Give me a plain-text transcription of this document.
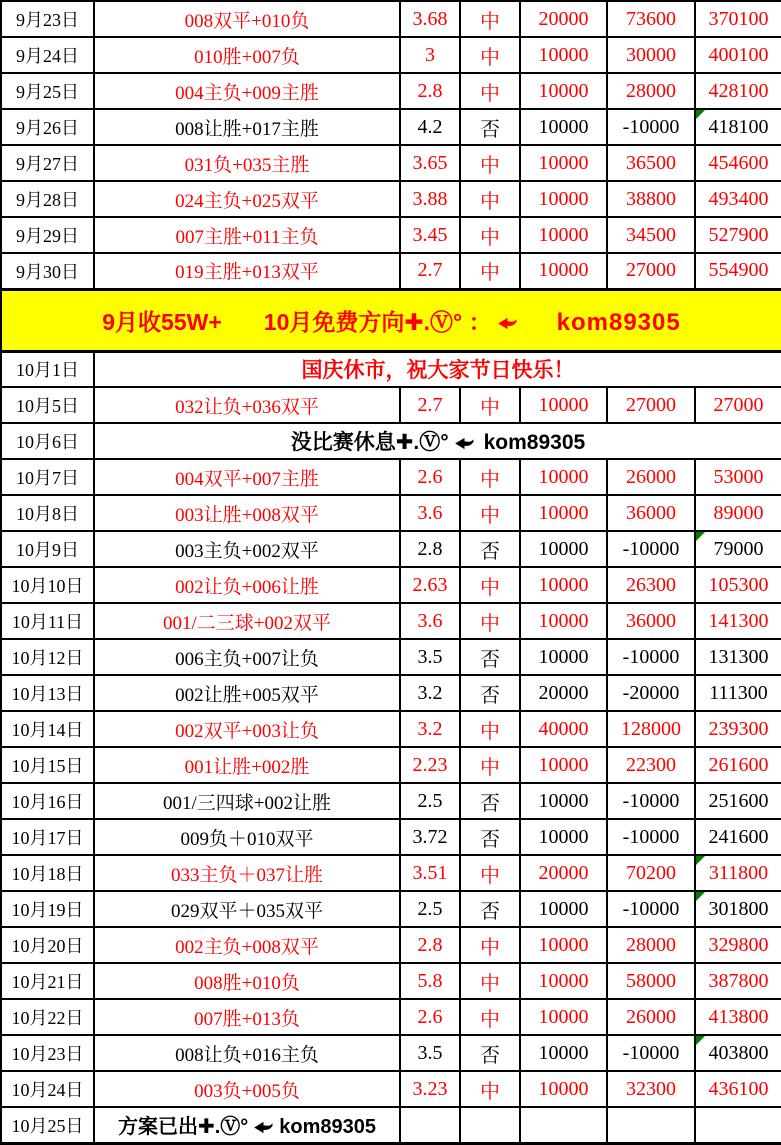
9月23日	008双平+010负	3.68	中	20000	73600	370100
9月24日	010胜+007负	3	中	10000	30000	400100
9月25日	004主负+009主胜	2.8	中	10000	28000	428100
9月26日	008让胜+017主胜	4.2	否	10000	-10000	418100

9月27日	031负+035主胜	3.65	中	10000	36500	454600
9月28日	024主负+025双平	3.88	中	10000	38800	493400
9月29日	007主胜+011主负	3.45	中	10000	34500	527900
9月30日	019主胜+013双平	2.7	中	10000	27000	554900
9月收55W+ 10月免费方向✚.Ⓥ° ： kom89305						
10月1日	国庆休市，祝大家节日快乐！					
10月5日	032让负+036双平	2.7	中	10000	27000	27000
10月6日	没比赛休息✚.Ⓥ° kom89305					
10月7日	004双平+007主胜	2.6	中	10000	26000	53000
10月8日	003让胜+008双平	3.6	中	10000	36000	89000
10月9日	003主负+002双平	2.8	否	10000	-10000	79000

10月10日	002让负+006让胜	2.63	中	10000	26300	105300
10月11日	001/二三球+002双平	3.6	中	10000	36000	141300
10月12日	006主负+007让负	3.5	否	10000	-10000	131300
10月13日	002让胜+005双平	3.2	否	20000	-20000	111300
10月14日	002双平+003让负	3.2	中	40000	128000	239300
10月15日	001让胜+002胜	2.23	中	10000	22300	261600
10月16日	001/三四球+002让胜	2.5	否	10000	-10000	251600
10月17日	009负＋010双平	3.72	否	10000	-10000	241600
10月18日	033主负＋037让胜	3.51	中	20000	70200	311800

10月19日	029双平＋035双平	2.5	否	10000	-10000	301800

10月20日	002主负+008双平	2.8	中	10000	28000	329800
10月21日	008胜+010负	5.8	中	10000	58000	387800
10月22日	007胜+013负	2.6	中	10000	26000	413800
10月23日	008让负+016主负	3.5	否	10000	-10000	403800

10月24日	003负+005负	3.23	中	10000	32300	436100
10月25日	方案已出✚.Ⓥ° kom89305					
